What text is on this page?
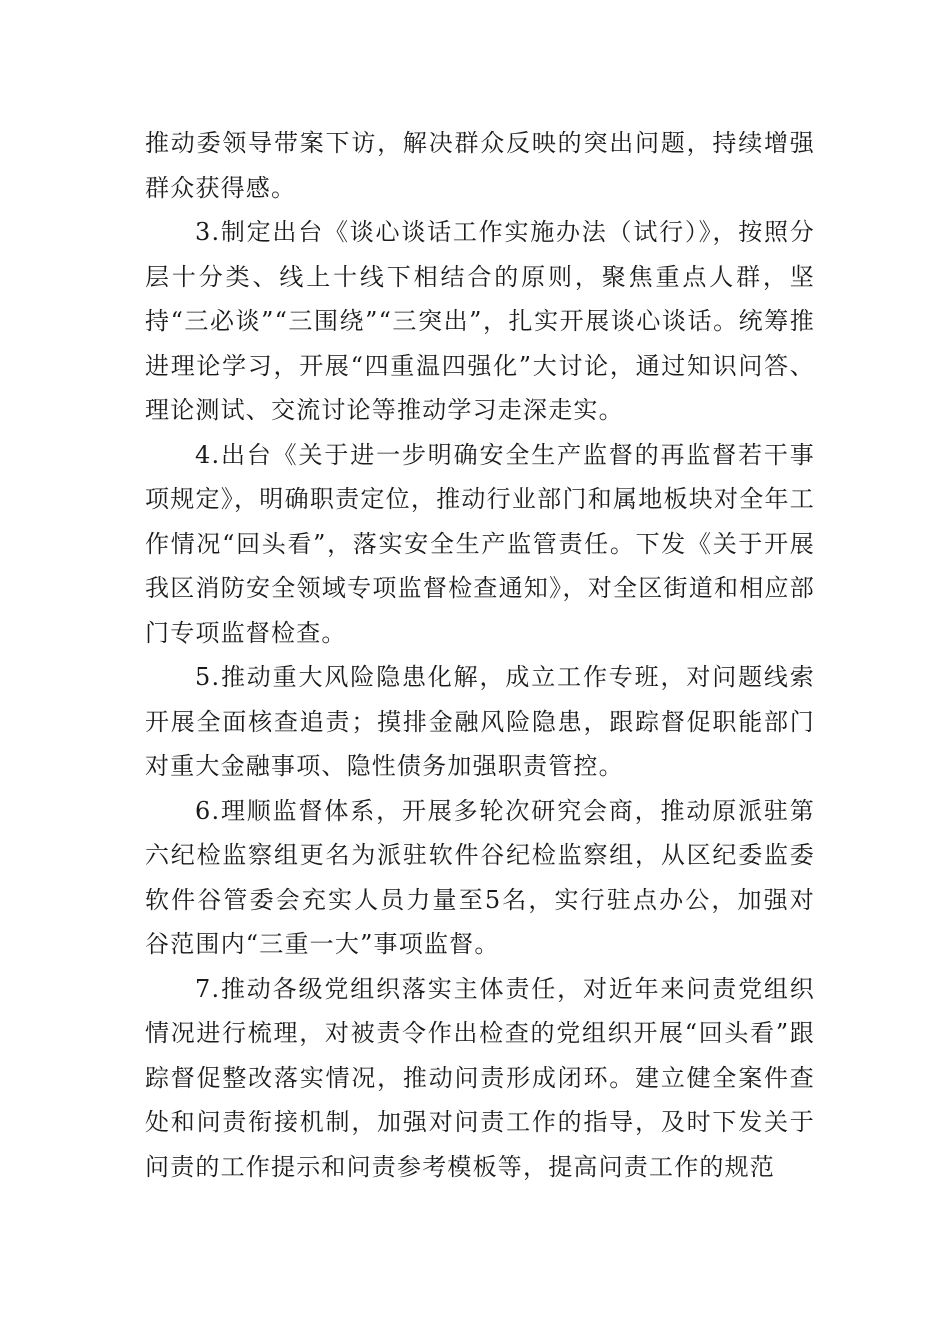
推动委领导带案下访，解决群众反映的突出问题，持续增强群众获得感。

3.制定出台《谈心谈话工作实施办法（试行）》，按照分层十分类、线上十线下相结合的原则，聚焦重点人群，坚持“三必谈”“三围绕”“三突出”，扎实开展谈心谈话。统筹推进理论学习，开展“四重温四强化”大讨论，通过知识问答、理论测试、交流讨论等推动学习走深走实。

4.出台《关于进一步明确安全生产监督的再监督若干事项规定》，明确职责定位，推动行业部门和属地板块对全年工作情况“回头看”，落实安全生产监管责任。下发《关于开展我区消防安全领域专项监督检查通知》，对全区街道和相应部门专项监督检查。

5.推动重大风险隐患化解，成立工作专班，对问题线索开展全面核查追责；摸排金融风险隐患，跟踪督促职能部门对重大金融事项、隐性债务加强职责管控。

6.理顺监督体系，开展多轮次研究会商，推动原派驻第六纪检监察组更名为派驻软件谷纪检监察组，从区纪委监委软件谷管委会充实人员力量至5名，实行驻点办公，加强对谷范围内“三重一大”事项监督。

7.推动各级党组织落实主体责任，对近年来问责党组织情况进行梳理，对被责令作出检查的党组织开展“回头看”跟踪督促整改落实情况，推动问责形成闭环。建立健全案件查处和问责衔接机制，加强对问责工作的指导，及时下发关于问责的工作提示和问责参考模板等，提高问责工作的规范
